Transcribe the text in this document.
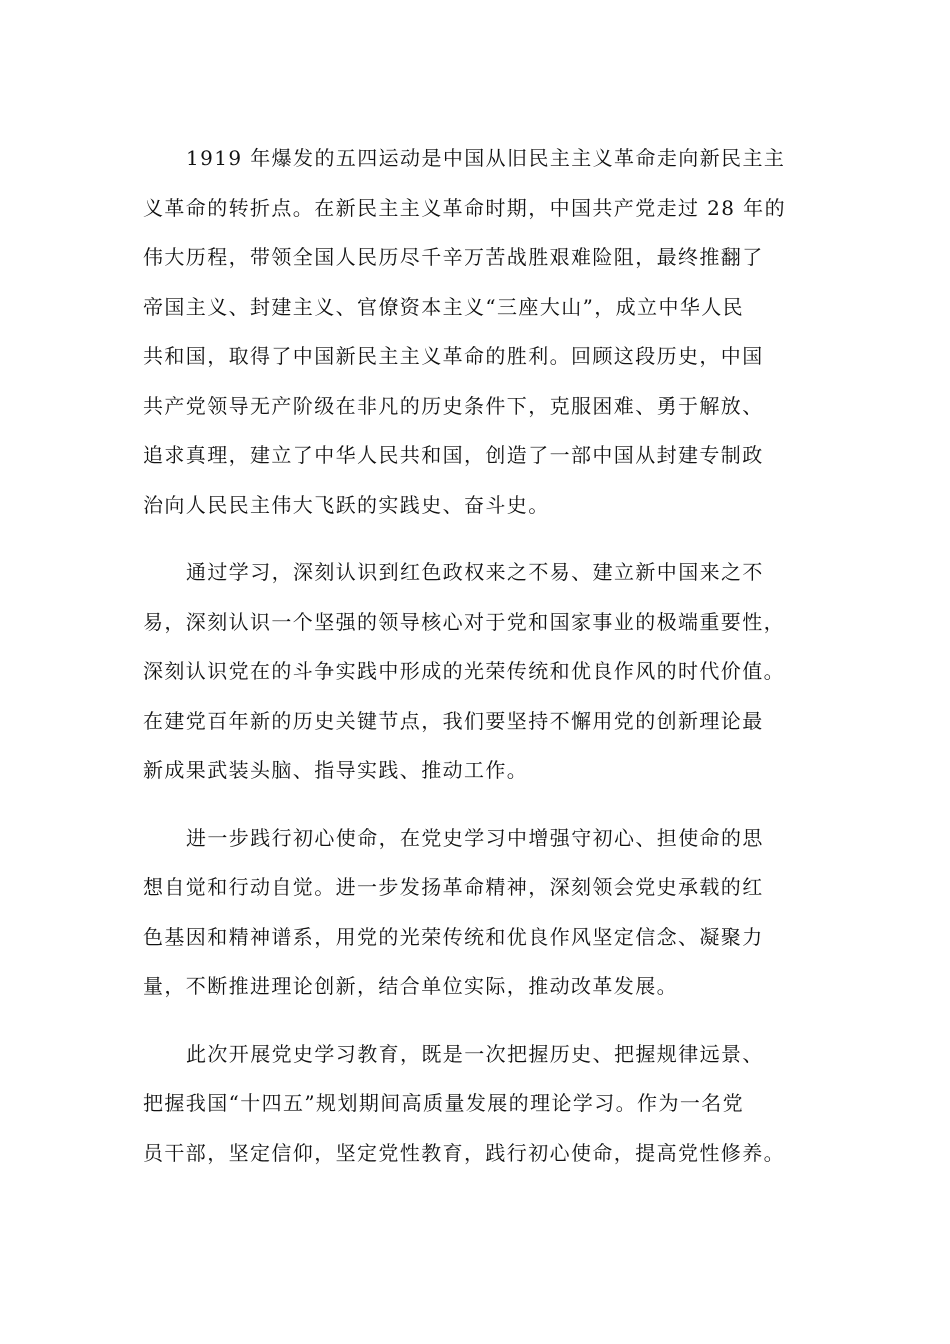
1919 年爆发的五四运动是中国从旧民主主义革命走向新民主主
义革命的转折点。在新民主主义革命时期，中国共产党走过 28 年的
伟大历程，带领全国人民历尽千辛万苦战胜艰难险阻，最终推翻了
帝国主义、封建主义、官僚资本主义“三座大山”，成立中华人民
共和国，取得了中国新民主主义革命的胜利。回顾这段历史，中国
共产党领导无产阶级在非凡的历史条件下，克服困难、勇于解放、
追求真理，建立了中华人民共和国，创造了一部中国从封建专制政
治向人民民主伟大飞跃的实践史、奋斗史。
通过学习，深刻认识到红色政权来之不易、建立新中国来之不
易，深刻认识一个坚强的领导核心对于党和国家事业的极端重要性，
深刻认识党在的斗争实践中形成的光荣传统和优良作风的时代价值。
在建党百年新的历史关键节点，我们要坚持不懈用党的创新理论最
新成果武装头脑、指导实践、推动工作。
进一步践行初心使命，在党史学习中增强守初心、担使命的思
想自觉和行动自觉。进一步发扬革命精神，深刻领会党史承载的红
色基因和精神谱系，用党的光荣传统和优良作风坚定信念、凝聚力
量，不断推进理论创新，结合单位实际，推动改革发展。
此次开展党史学习教育，既是一次把握历史、把握规律远景、
把握我国“十四五”规划期间高质量发展的理论学习。作为一名党
员干部，坚定信仰，坚定党性教育，践行初心使命，提高党性修养。
